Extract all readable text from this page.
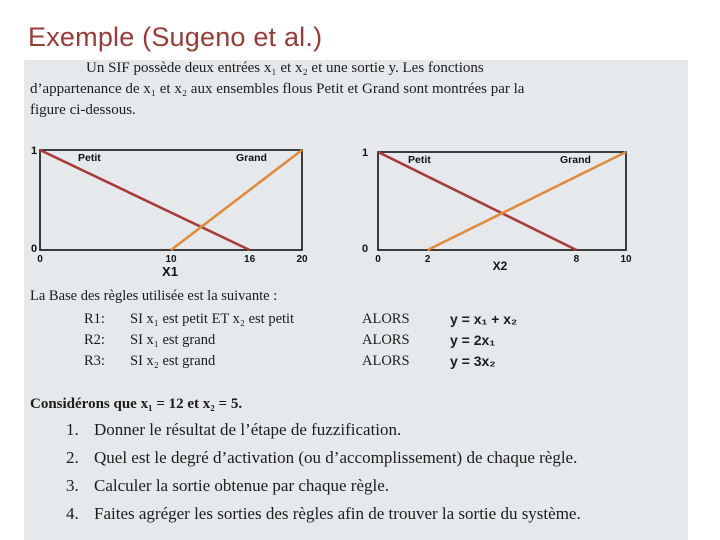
Exemple (Sugeno et al.)
Un SIF possède deux entrées x₁ et x₂ et une sortie y. Les fonctions
d’appartenance de x₁ et x₂ aux ensembles flous Petit et Grand sont montrées par la
figure ci-dessous.
1
0
Petit	Grand
0	10	16	20
X1
1
0
Petit	Grand
0	2	8	10
X2
La Base des règles utilisée est la suivante :
R1: SI x₁ est petit ET x₂ est petit	ALORS	y = x₁ + x₂
R2: SI x₁ est grand	ALORS	y = 2x₁
R3: SI x₂ est grand	ALORS	y = 3x₂
Considérons que x₁ = 12 et x₂ = 5.
1. Donner le résultat de l’étape de fuzzification.
2. Quel est le degré d’activation (ou d’accomplissement) de chaque règle.
3. Calculer la sortie obtenue par chaque règle.
4. Faites agréger les sorties des règles afin de trouver la sortie du système.
